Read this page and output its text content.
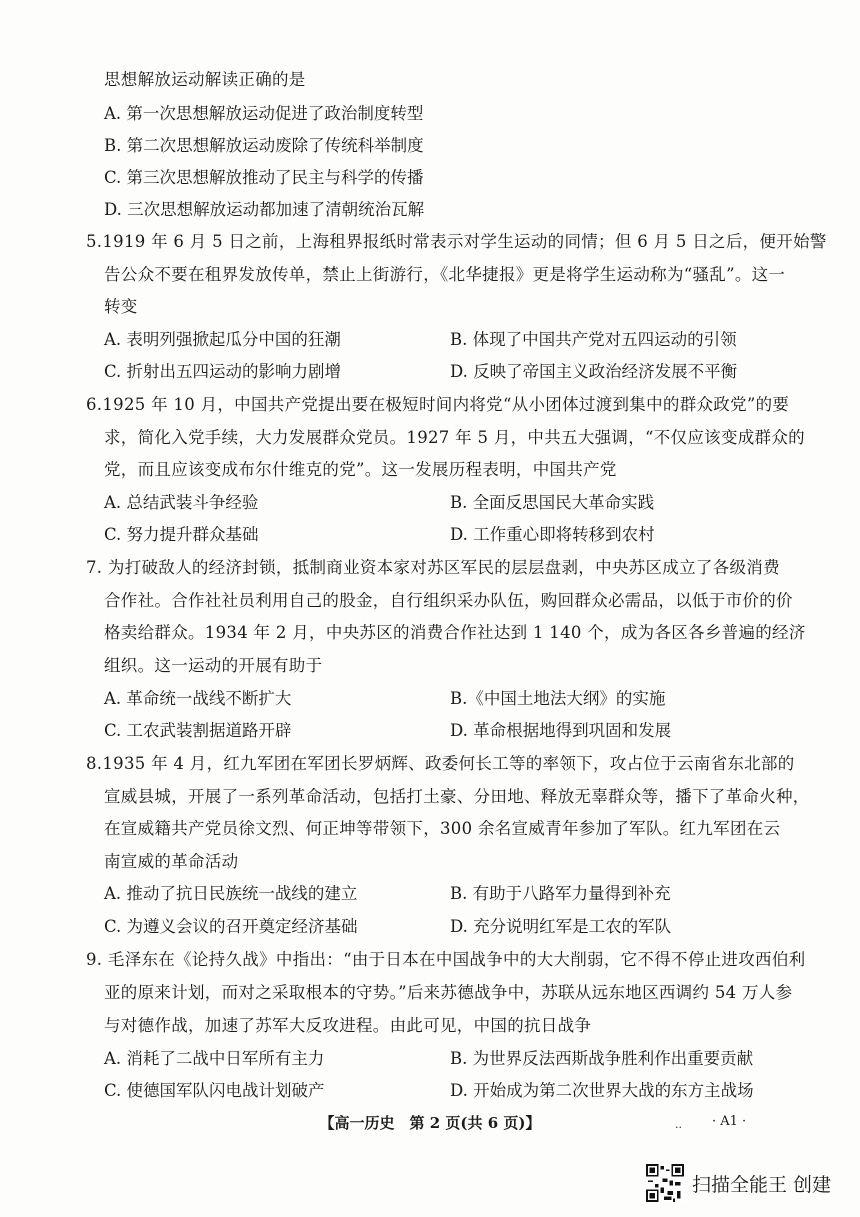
思想解放运动解读正确的是
A. 第一次思想解放运动促进了政治制度转型
B. 第二次思想解放运动废除了传统科举制度
C. 第三次思想解放推动了民主与科学的传播
D. 三次思想解放运动都加速了清朝统治瓦解
5.1919 年 6 月 5 日之前，上海租界报纸时常表示对学生运动的同情；但 6 月 5 日之后，便开始警
告公众不要在租界发放传单，禁止上街游行，《北华捷报》更是将学生运动称为“骚乱”。这一
转变
A. 表明列强掀起瓜分中国的狂潮	B. 体现了中国共产党对五四运动的引领
C. 折射出五四运动的影响力剧增	D. 反映了帝国主义政治经济发展不平衡
6.1925 年 10 月，中国共产党提出要在极短时间内将党“从小团体过渡到集中的群众政党”的要
求，简化入党手续，大力发展群众党员。1927 年 5 月，中共五大强调，“不仅应该变成群众的
党，而且应该变成布尔什维克的党”。这一发展历程表明，中国共产党
A. 总结武装斗争经验	B. 全面反思国民大革命实践
C. 努力提升群众基础	D. 工作重心即将转移到农村
7. 为打破敌人的经济封锁，抵制商业资本家对苏区军民的层层盘剥，中央苏区成立了各级消费
合作社。合作社社员利用自己的股金，自行组织采办队伍，购回群众必需品，以低于市价的价
格卖给群众。1934 年 2 月，中央苏区的消费合作社达到 1 140 个，成为各区各乡普遍的经济
组织。这一运动的开展有助于
A. 革命统一战线不断扩大	B.《中国土地法大纲》的实施
C. 工农武装割据道路开辟	D. 革命根据地得到巩固和发展
8.1935 年 4 月，红九军团在军团长罗炳辉、政委何长工等的率领下，攻占位于云南省东北部的
宣威县城，开展了一系列革命活动，包括打土豪、分田地、释放无辜群众等，播下了革命火种，
在宣威籍共产党员徐文烈、何正坤等带领下，300 余名宣威青年参加了军队。红九军团在云
南宣威的革命活动
A. 推动了抗日民族统一战线的建立	B. 有助于八路军力量得到补充
C. 为遵义会议的召开奠定经济基础	D. 充分说明红军是工农的军队
9. 毛泽东在《论持久战》中指出：“由于日本在中国战争中的大大削弱，它不得不停止进攻西伯利
亚的原来计划，而对之采取根本的守势。”后来苏德战争中，苏联从远东地区西调约 54 万人参
与对德作战，加速了苏军大反攻进程。由此可见，中国的抗日战争
A. 消耗了二战中日军所有主力	B. 为世界反法西斯战争胜利作出重要贡献
C. 使德国军队闪电战计划破产	D. 开始成为第二次世界大战的东方主战场
【高一历史　第 2 页(共 6 页)】	.. · A1 ·
扫描全能王 创建
